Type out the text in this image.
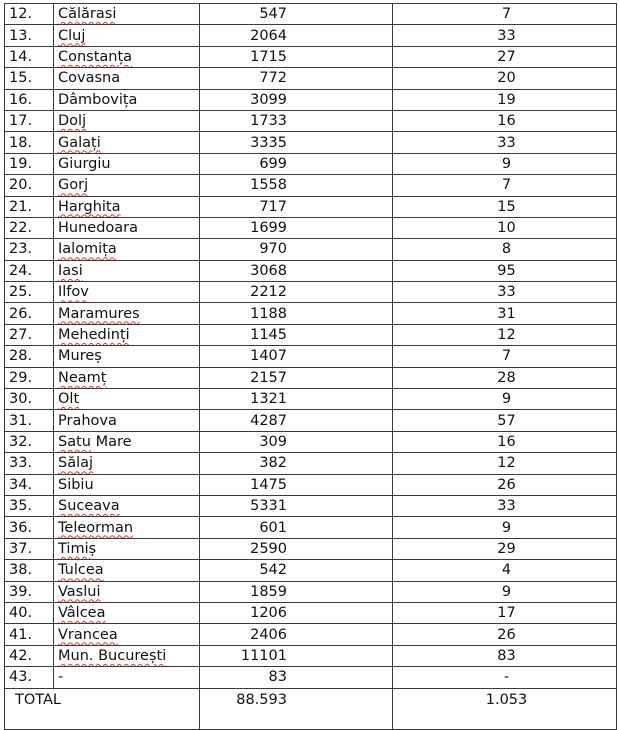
12.	Călărasi	547	7
13.	Cluj	2064	33
14.	Constanța	1715	27
15.	Covasna	772	20
16.	Dâmbovița	3099	19
17.	Dolj	1733	16
18.	Galați	3335	33
19.	Giurgiu	699	9
20.	Gorj	1558	7
21.	Harghita	717	15
22.	Hunedoara	1699	10
23.	Ialomița	970	8
24.	Iasi	3068	95
25.	Ilfov	2212	33
26.	Maramures	1188	31
27.	Mehedinți	1145	12
28.	Mureș	1407	7
29.	Neamț	2157	28
30.	Olt	1321	9
31.	Prahova	4287	57
32.	Satu Mare	309	16
33.	Sălaj	382	12
34.	Sibiu	1475	26
35.	Suceava	5331	33
36.	Teleorman	601	9
37.	Timiș	2590	29
38.	Tulcea	542	4
39.	Vaslui	1859	9
40.	Vâlcea	1206	17
41.	Vrancea	2406	26
42.	Mun. București	11101	83
43.	-	83	-
TOTAL		88.593	1.053
